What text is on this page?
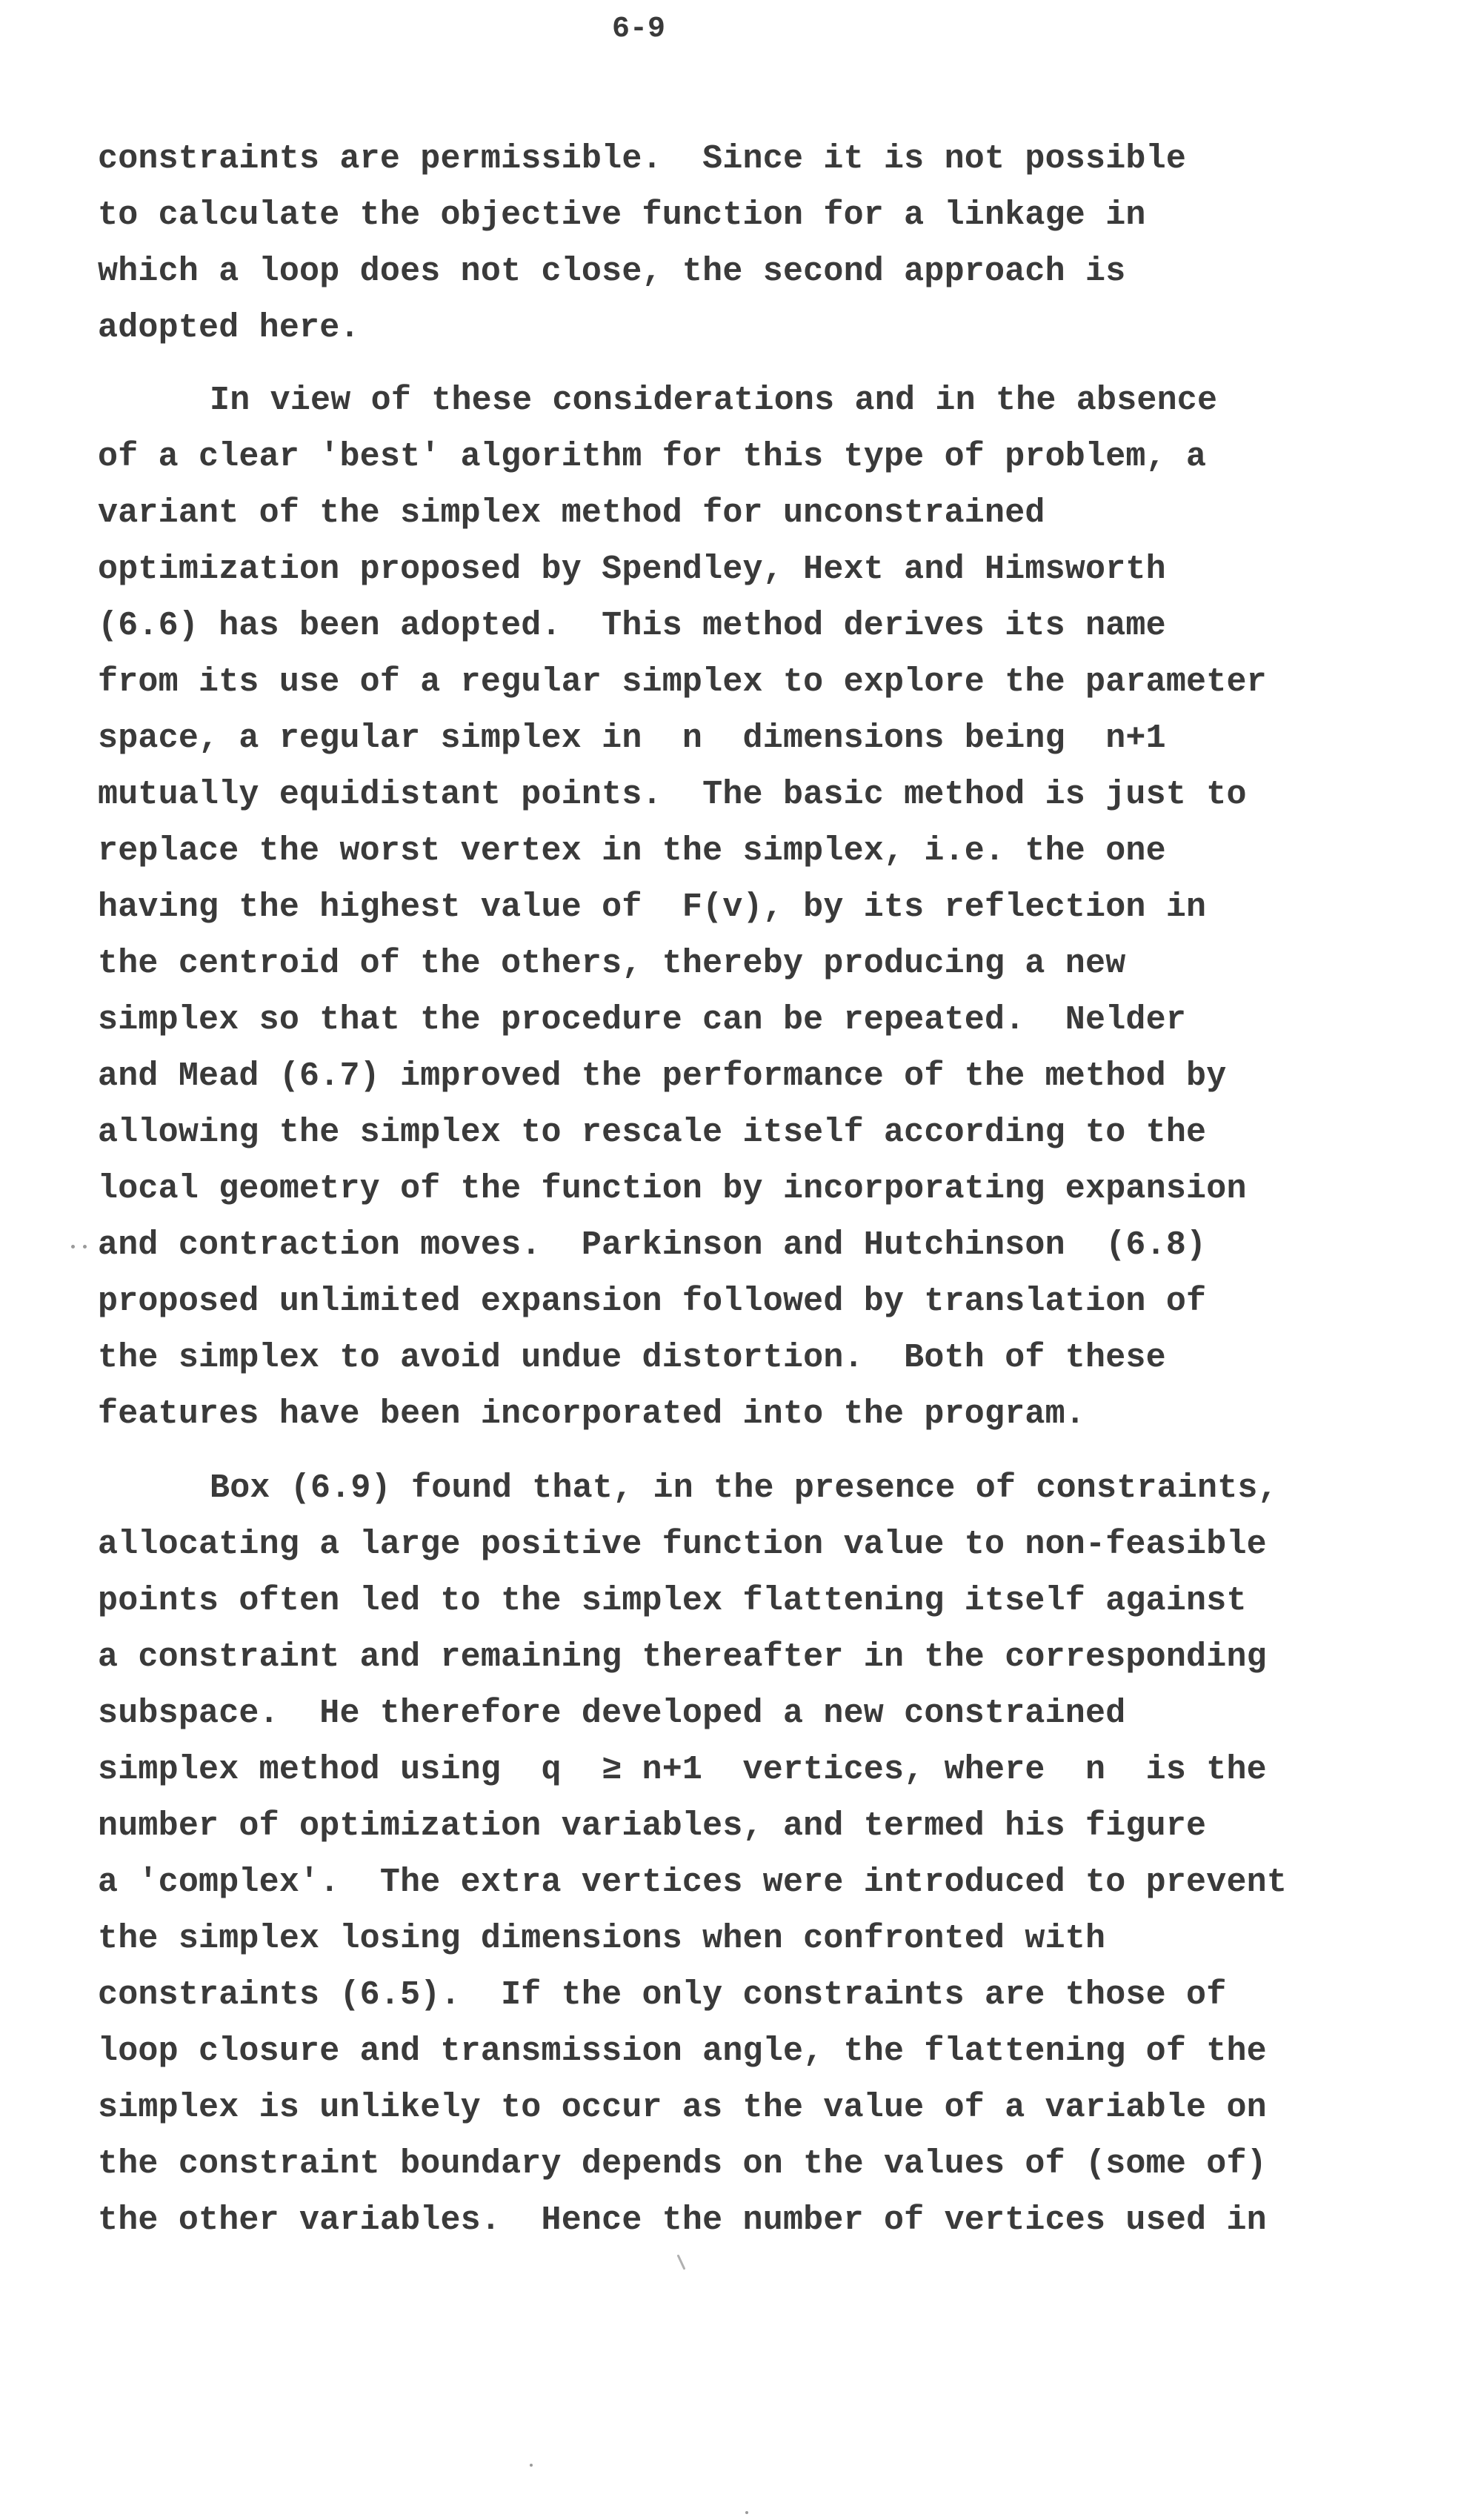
6-9
constraints are permissible.  Since it is not possible
to calculate the objective function for a linkage in
which a loop does not close, the second approach is
adopted here.
In view of these considerations and in the absence
of a clear 'best' algorithm for this type of problem, a
variant of the simplex method for unconstrained
optimization proposed by Spendley, Hext and Himsworth
(6.6) has been adopted.  This method derives its name
from its use of a regular simplex to explore the parameter
space, a regular simplex in  n  dimensions being  n+1
mutually equidistant points.  The basic method is just to
replace the worst vertex in the simplex, i.e. the one
having the highest value of  F(v), by its reflection in
the centroid of the others, thereby producing a new
simplex so that the procedure can be repeated.  Nelder
and Mead (6.7) improved the performance of the method by
allowing the simplex to rescale itself according to the
local geometry of the function by incorporating expansion
and contraction moves.  Parkinson and Hutchinson  (6.8)
proposed unlimited expansion followed by translation of
the simplex to avoid undue distortion.  Both of these
features have been incorporated into the program.
Box (6.9) found that, in the presence of constraints,
allocating a large positive function value to non-feasible
points often led to the simplex flattening itself against
a constraint and remaining thereafter in the corresponding
subspace.  He therefore developed a new constrained
simplex method using  q  ≥ n+1  vertices, where  n  is the
number of optimization variables, and termed his figure
a 'complex'.  The extra vertices were introduced to prevent
the simplex losing dimensions when confronted with
constraints (6.5).  If the only constraints are those of
loop closure and transmission angle, the flattening of the
simplex is unlikely to occur as the value of a variable on
the constraint boundary depends on the values of (some of)
the other variables.  Hence the number of vertices used in
